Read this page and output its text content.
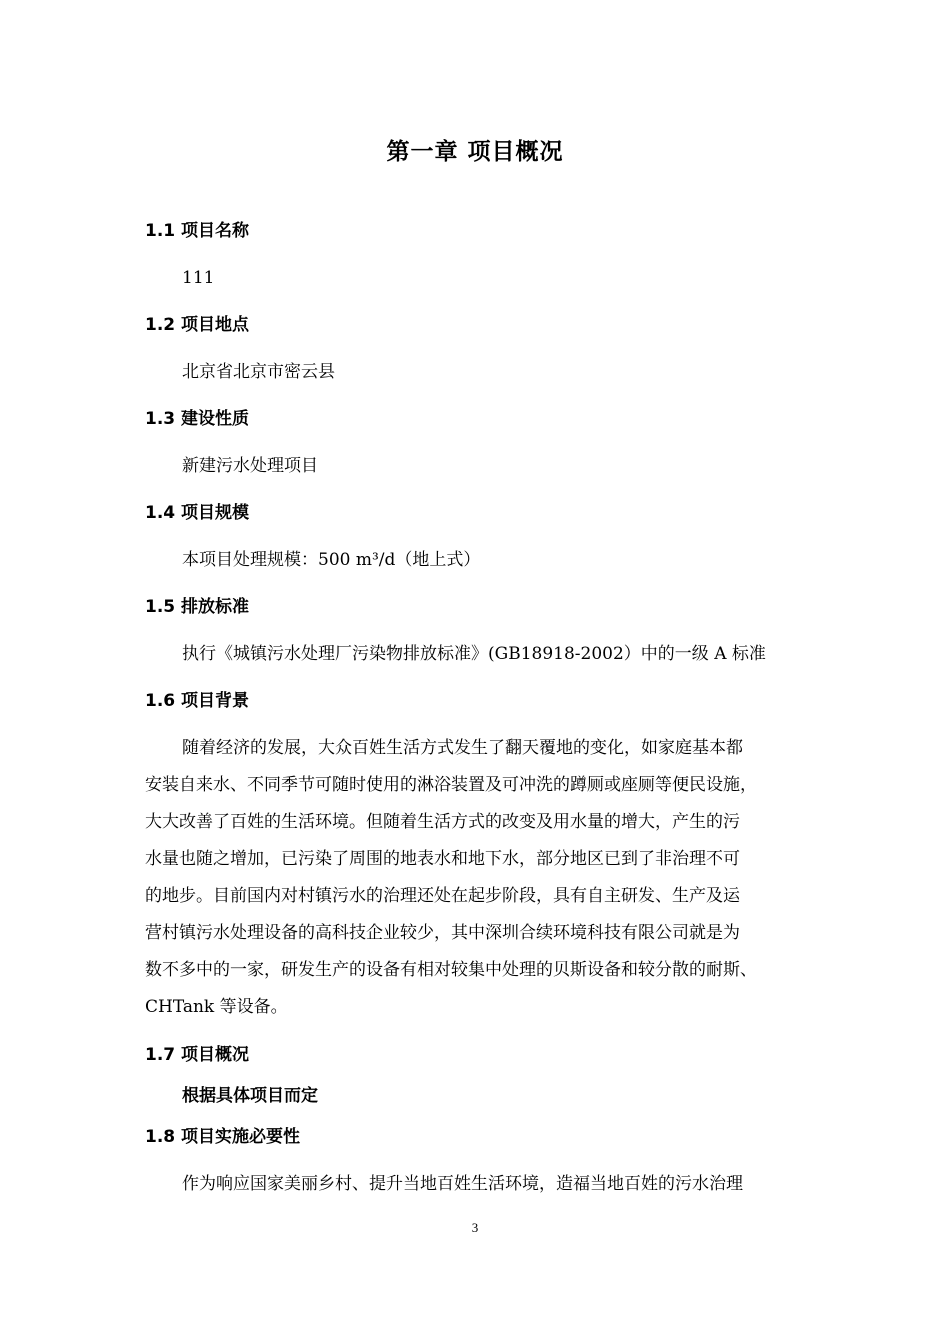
第一章 项目概况
1.1 项目名称
111
1.2 项目地点
北京省北京市密云县
1.3 建设性质
新建污水处理项目
1.4 项目规模
本项目处理规模：500 m³/d（地上式）
1.5 排放标准
执行《城镇污水处理厂污染物排放标准》(GB18918-2002）中的一级 A 标准
1.6 项目背景
随着经济的发展，大众百姓生活方式发生了翻天覆地的变化，如家庭基本都
安装自来水、不同季节可随时使用的淋浴装置及可冲洗的蹲厕或座厕等便民设施，
大大改善了百姓的生活环境。但随着生活方式的改变及用水量的增大，产生的污
水量也随之增加，已污染了周围的地表水和地下水，部分地区已到了非治理不可
的地步。目前国内对村镇污水的治理还处在起步阶段，具有自主研发、生产及运
营村镇污水处理设备的高科技企业较少，其中深圳合续环境科技有限公司就是为
数不多中的一家，研发生产的设备有相对较集中处理的贝斯设备和较分散的耐斯、
CHTank 等设备。
1.7 项目概况
根据具体项目而定
1.8 项目实施必要性
作为响应国家美丽乡村、提升当地百姓生活环境，造福当地百姓的污水治理
3
